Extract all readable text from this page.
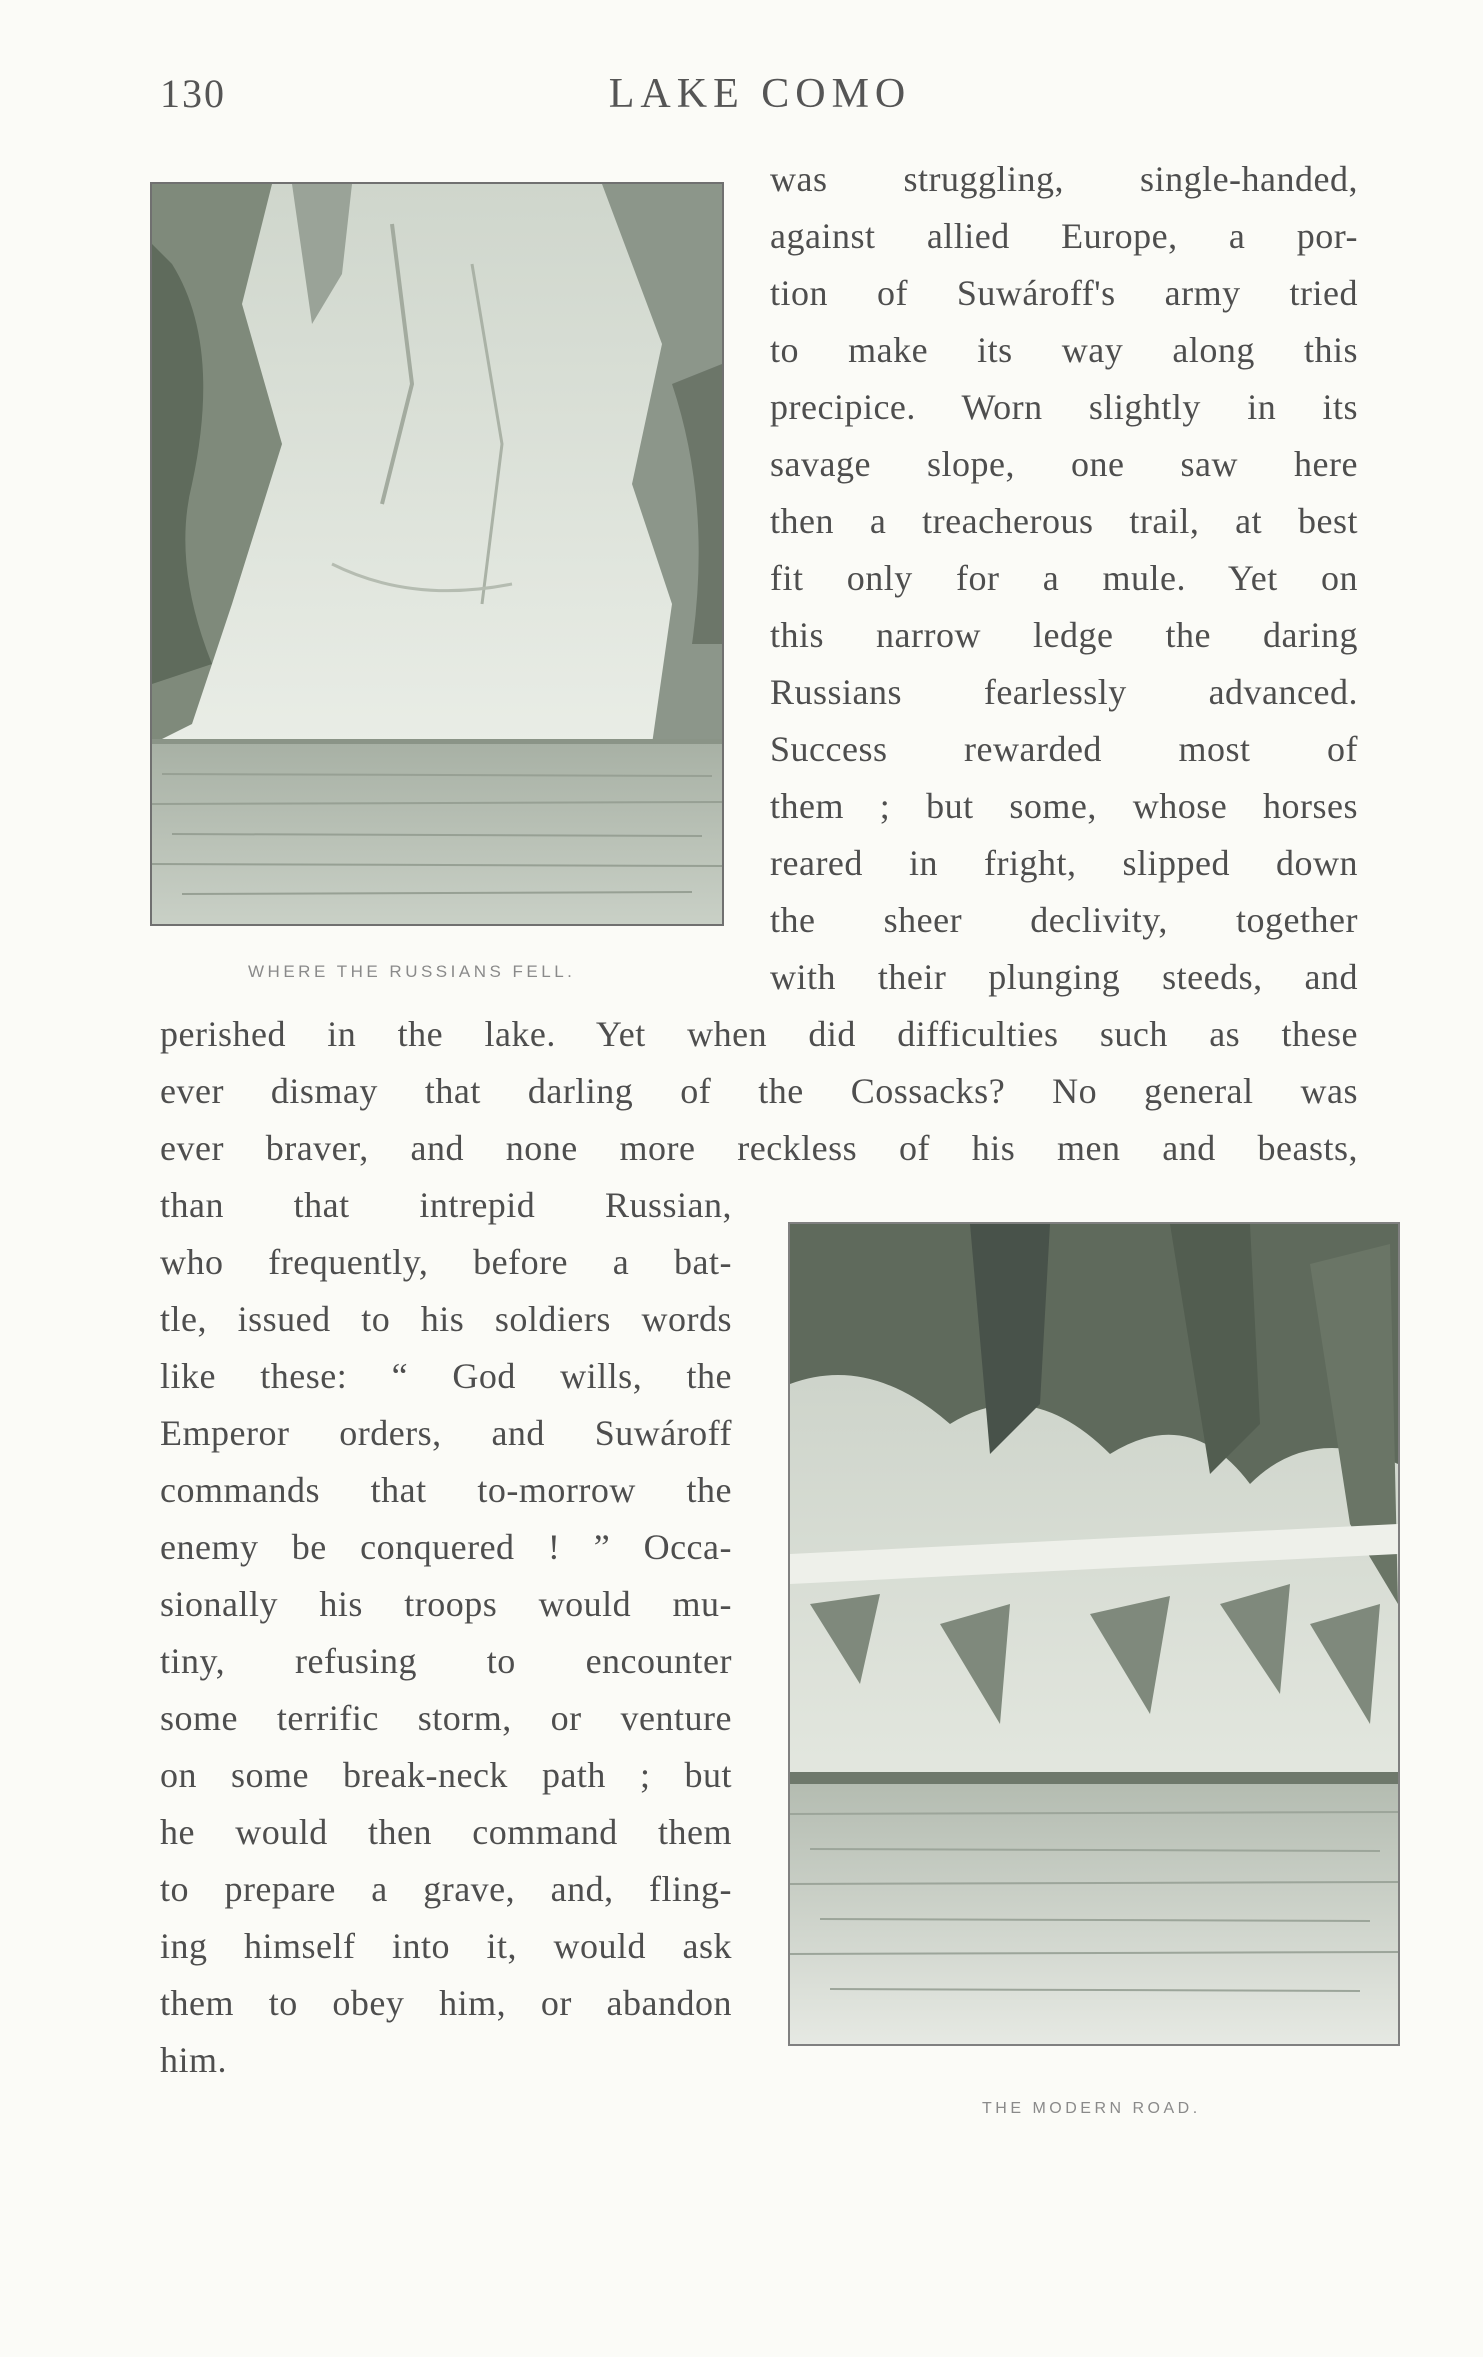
130	LAKE COMO
WHERE THE RUSSIANS FELL.
was struggling, single-handed,
against allied Europe, a por-
tion of Suwároff's army tried
to make its way along this
precipice. Worn slightly in its
savage slope, one saw here
then a treacherous trail, at best
fit only for a mule. Yet on
this narrow ledge the daring
Russians fearlessly advanced.
Success rewarded most of
them ; but some, whose horses
reared in fright, slipped down
the sheer declivity, together
with their plunging steeds, and
perished in the lake. Yet when did difficulties such as these
ever dismay that darling of the Cossacks? No general was
ever braver, and none more reckless of his men and beasts,
than that intrepid Russian,
who frequently, before a bat-
tle, issued to his soldiers words
like these: “ God wills, the
Emperor orders, and Suwároff
commands that to-morrow the
enemy be conquered ! ” Occa-
sionally his troops would mu-
tiny, refusing to encounter
some terrific storm, or venture
on some break-neck path ; but
he would then command them
to prepare a grave, and, fling-
ing himself into it, would ask
them to obey him, or abandon
him.
THE MODERN ROAD.
